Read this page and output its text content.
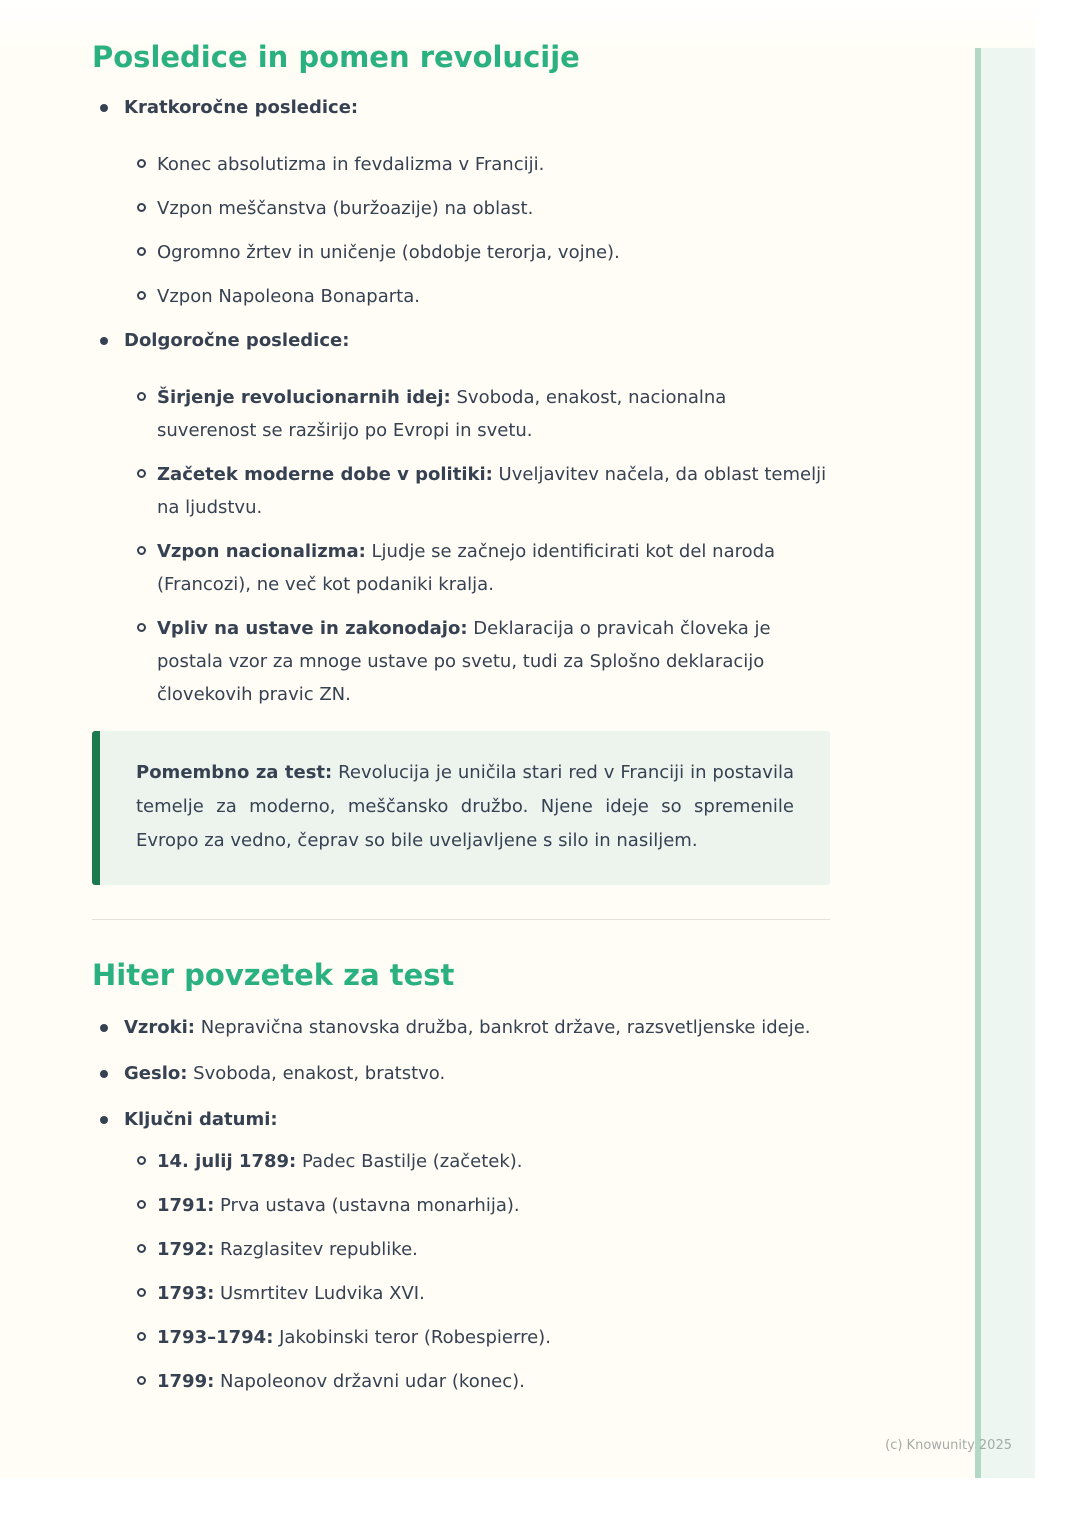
Posledice in pomen revolucije
Kratkoročne posledice:
Konec absolutizma in fevdalizma v Franciji.
Vzpon meščanstva (buržoazije) na oblast.
Ogromno žrtev in uničenje (obdobje terorja, vojne).
Vzpon Napoleona Bonaparta.
Dolgoročne posledice:
Širjenje revolucionarnih idej: Svoboda, enakost, nacionalna suverenost se razširijo po Evropi in svetu.
Začetek moderne dobe v politiki: Uveljavitev načela, da oblast temelji na ljudstvu.
Vzpon nacionalizma: Ljudje se začnejo identificirati kot del naroda (Francozi), ne več kot podaniki kralja.
Vpliv na ustave in zakonodajo: Deklaracija o pravicah človeka je postala vzor za mnoge ustave po svetu, tudi za Splošno deklaracijo človekovih pravic ZN.
Pomembno za test: Revolucija je uničila stari red v Franciji in postavila temelje za moderno, meščansko družbo. Njene ideje so spremenile Evropo za vedno, čeprav so bile uveljavljene s silo in nasiljem.
Hiter povzetek za test
Vzroki: Nepravična stanovska družba, bankrot države, razsvetljenske ideje.
Geslo: Svoboda, enakost, bratstvo.
Ključni datumi:
14. julij 1789: Padec Bastilje (začetek).
1791: Prva ustava (ustavna monarhija).
1792: Razglasitev republike.
1793: Usmrtitev Ludvika XVI.
1793–1794: Jakobinski teror (Robespierre).
1799: Napoleonov državni udar (konec).
(c) Knowunity 2025
